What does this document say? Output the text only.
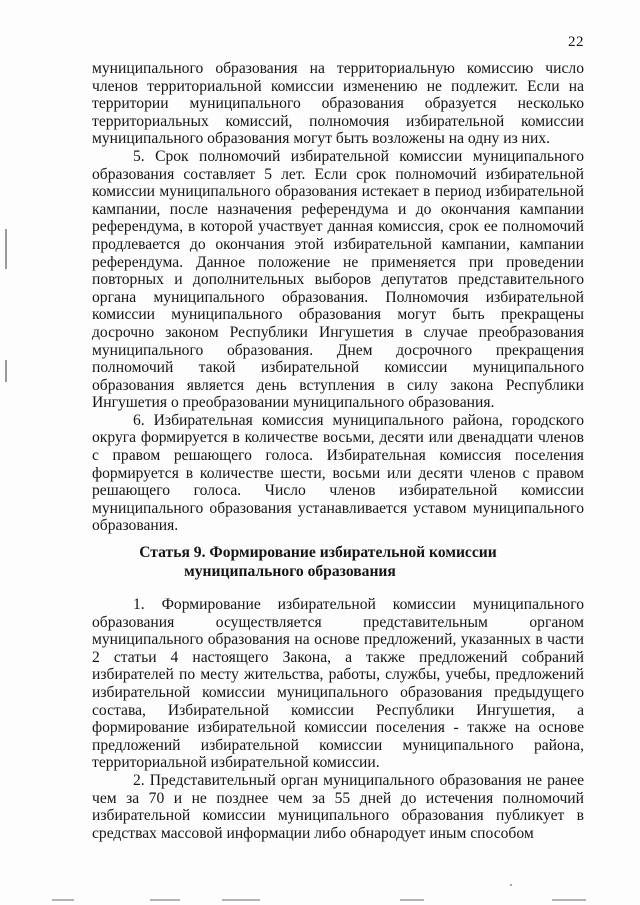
22

муниципального образования на территориальную комиссию число членов территориальной комиссии изменению не подлежит. Если на территории муниципального образования образуется несколько территориальных комиссий, полномочия избирательной комиссии муниципального образования могут быть возложены на одну из них.

5. Срок полномочий избирательной комиссии муниципального образования составляет 5 лет. Если срок полномочий избирательной комиссии муниципального образования истекает в период избирательной кампании, после назначения референдума и до окончания кампании референдума, в которой участвует данная комиссия, срок ее полномочий продлевается до окончания этой избирательной кампании, кампании референдума. Данное положение не применяется при проведении повторных и дополнительных выборов депутатов представительного органа муниципального образования. Полномочия избирательной комиссии муниципального образования могут быть прекращены досрочно законом Республики Ингушетия в случае преобразования муниципального образования. Днем досрочного прекращения полномочий такой избирательной комиссии муниципального образования является день вступления в силу закона Республики Ингушетия о преобразовании муниципального образования.

6. Избирательная комиссия муниципального района, городского округа формируется в количестве восьми, десяти или двенадцати членов с правом решающего голоса. Избирательная комиссия поселения формируется в количестве шести, восьми или десяти членов с правом решающего голоса. Число членов избирательной комиссии муниципального образования устанавливается уставом муниципального образования.

Статья 9. Формирование избирательной комиссии
муниципального образования

1. Формирование избирательной комиссии муниципального образования осуществляется представительным органом муниципального образования на основе предложений, указанных в части 2 статьи 4 настоящего Закона, а также предложений собраний избирателей по месту жительства, работы, службы, учебы, предложений избирательной комиссии муниципального образования предыдущего состава, Избирательной комиссии Республики Ингушетия, а формирование избирательной комиссии поселения - также на основе предложений избирательной комиссии муниципального района, территориальной избирательной комиссии.

2. Представительный орган муниципального образования не ранее чем за 70 и не позднее чем за 55 дней до истечения полномочий избирательной комиссии муниципального образования публикует в средствах массовой информации либо обнародует иным способом
